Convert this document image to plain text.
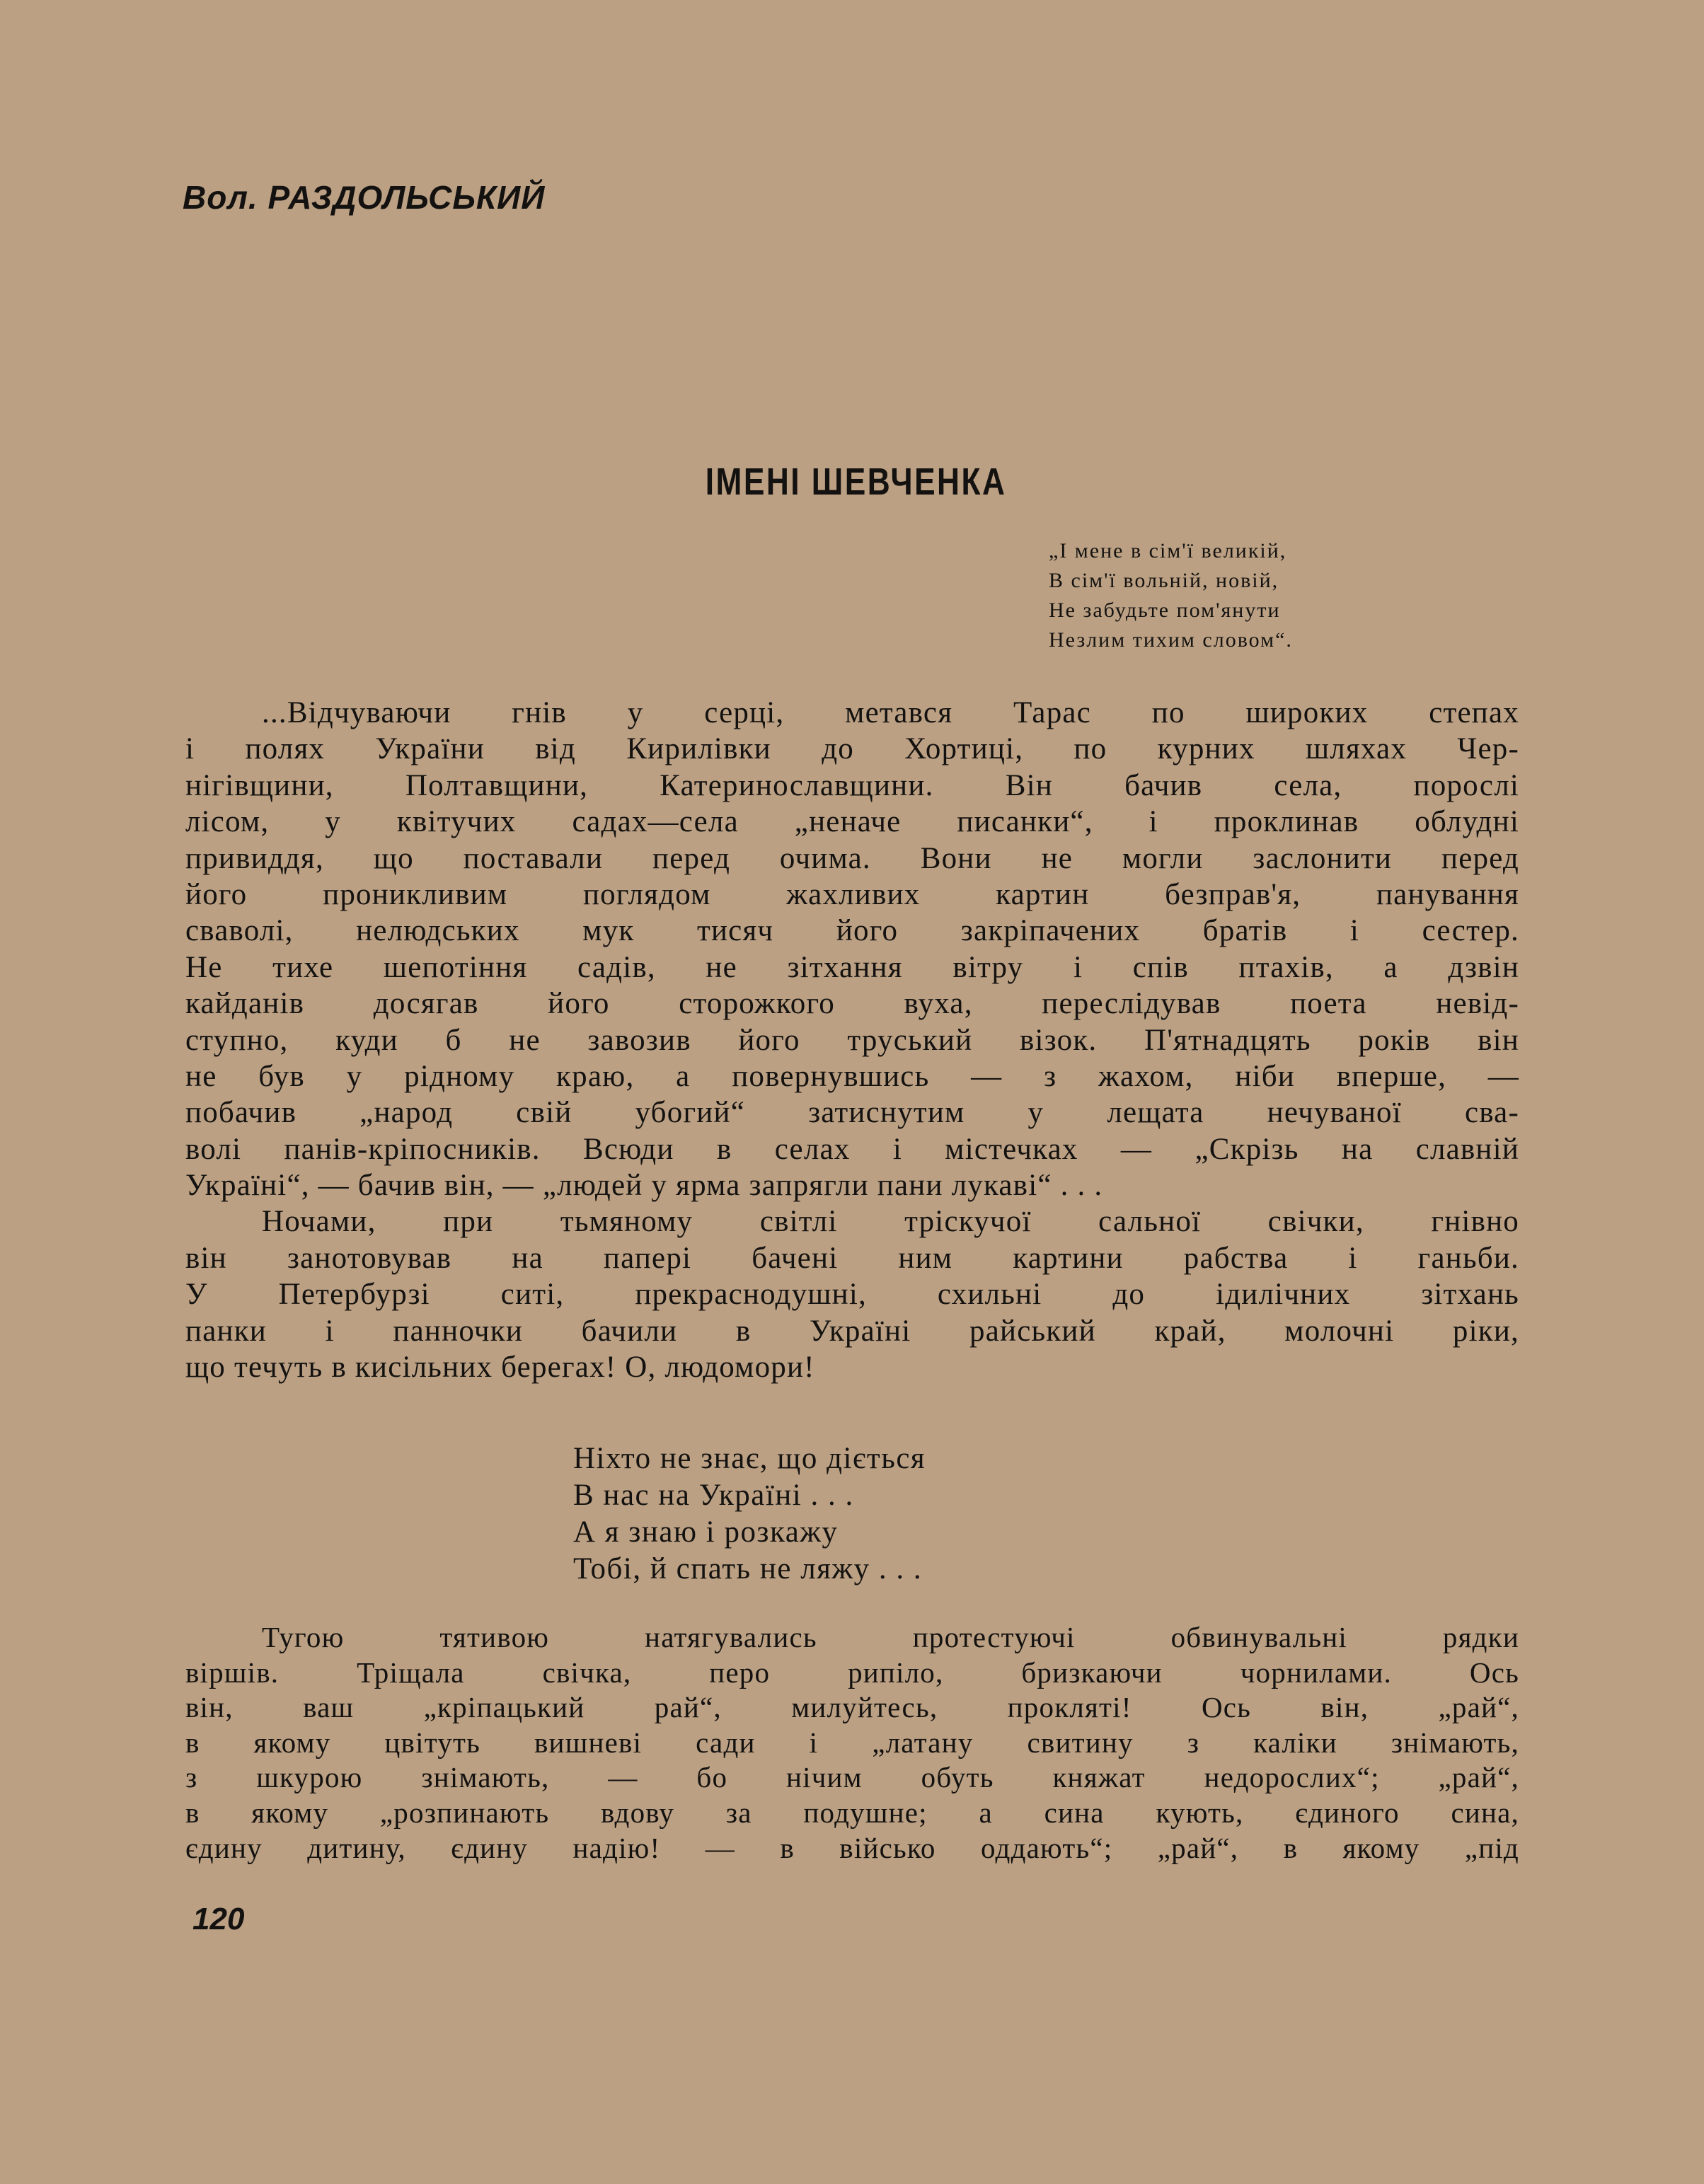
Вол. РАЗДОЛЬСЬКИЙ
ІМЕНІ ШЕВЧЕНКА
„І мене в сім'ї великій,
В сім'ї вольній, новій,
Не забудьте пом'янути
Незлим тихим словом“.
...Відчуваючи гнів у серці, метався Тарас по широких степах
і полях України від Кирилівки до Хортиці, по курних шляхах Чер-
нігівщини, Полтавщини, Катеринославщини. Він бачив села, порослі
лісом, у квітучих садах—села „неначе писанки“, і проклинав облудні
привиддя, що поставали перед очима. Вони не могли заслонити перед
його проникливим поглядом жахливих картин безправ'я, панування
сваволі, нелюдських мук тисяч його закріпачених братів і сестер.
Не тихе шепотіння садів, не зітхання вітру і спів птахів, а дзвін
кайданів досягав його сторожкого вуха, переслідував поета невід-
ступно, куди б не завозив його труський візок. П'ятнадцять років він
не був у рідному краю, а повернувшись — з жахом, ніби вперше, —
побачив „народ свій убогий“ затиснутим у лещата нечуваної сва-
волі панів-кріпосників. Всюди в селах і містечках — „Скрізь на славній
Україні“, — бачив він, — „людей у ярма запрягли пани лукаві“ . . .
Ночами, при тьмяному світлі тріскучої сальної свічки, гнівно
він занотовував на папері бачені ним картини рабства і ганьби.
У Петербурзі ситі, прекраснодушні, схильні до ідилічних зітхань
панки і панночки бачили в Україні райський край, молочні ріки,
що течуть в кисільних берегах! О, людомори!
Ніхто не знає, що діється
В нас на Україні . . .
А я знаю і розкажу
Тобі, й спать не ляжу . . .
Тугою тятивою натягувались протестуючі обвинувальні рядки
віршів. Тріщала свічка, перо рипіло, бризкаючи чорнилами. Ось
він, ваш „кріпацький рай“, милуйтесь, прокляті! Ось він, „рай“,
в якому цвітуть вишневі сади і „латану свитину з каліки знімають,
з шкурою знімають, — бо нічим обуть княжат недорослих“; „рай“,
в якому „розпинають вдову за подушне; а сина кують, єдиного сина,
єдину дитину, єдину надію! — в військо оддають“; „рай“, в якому „під
120
